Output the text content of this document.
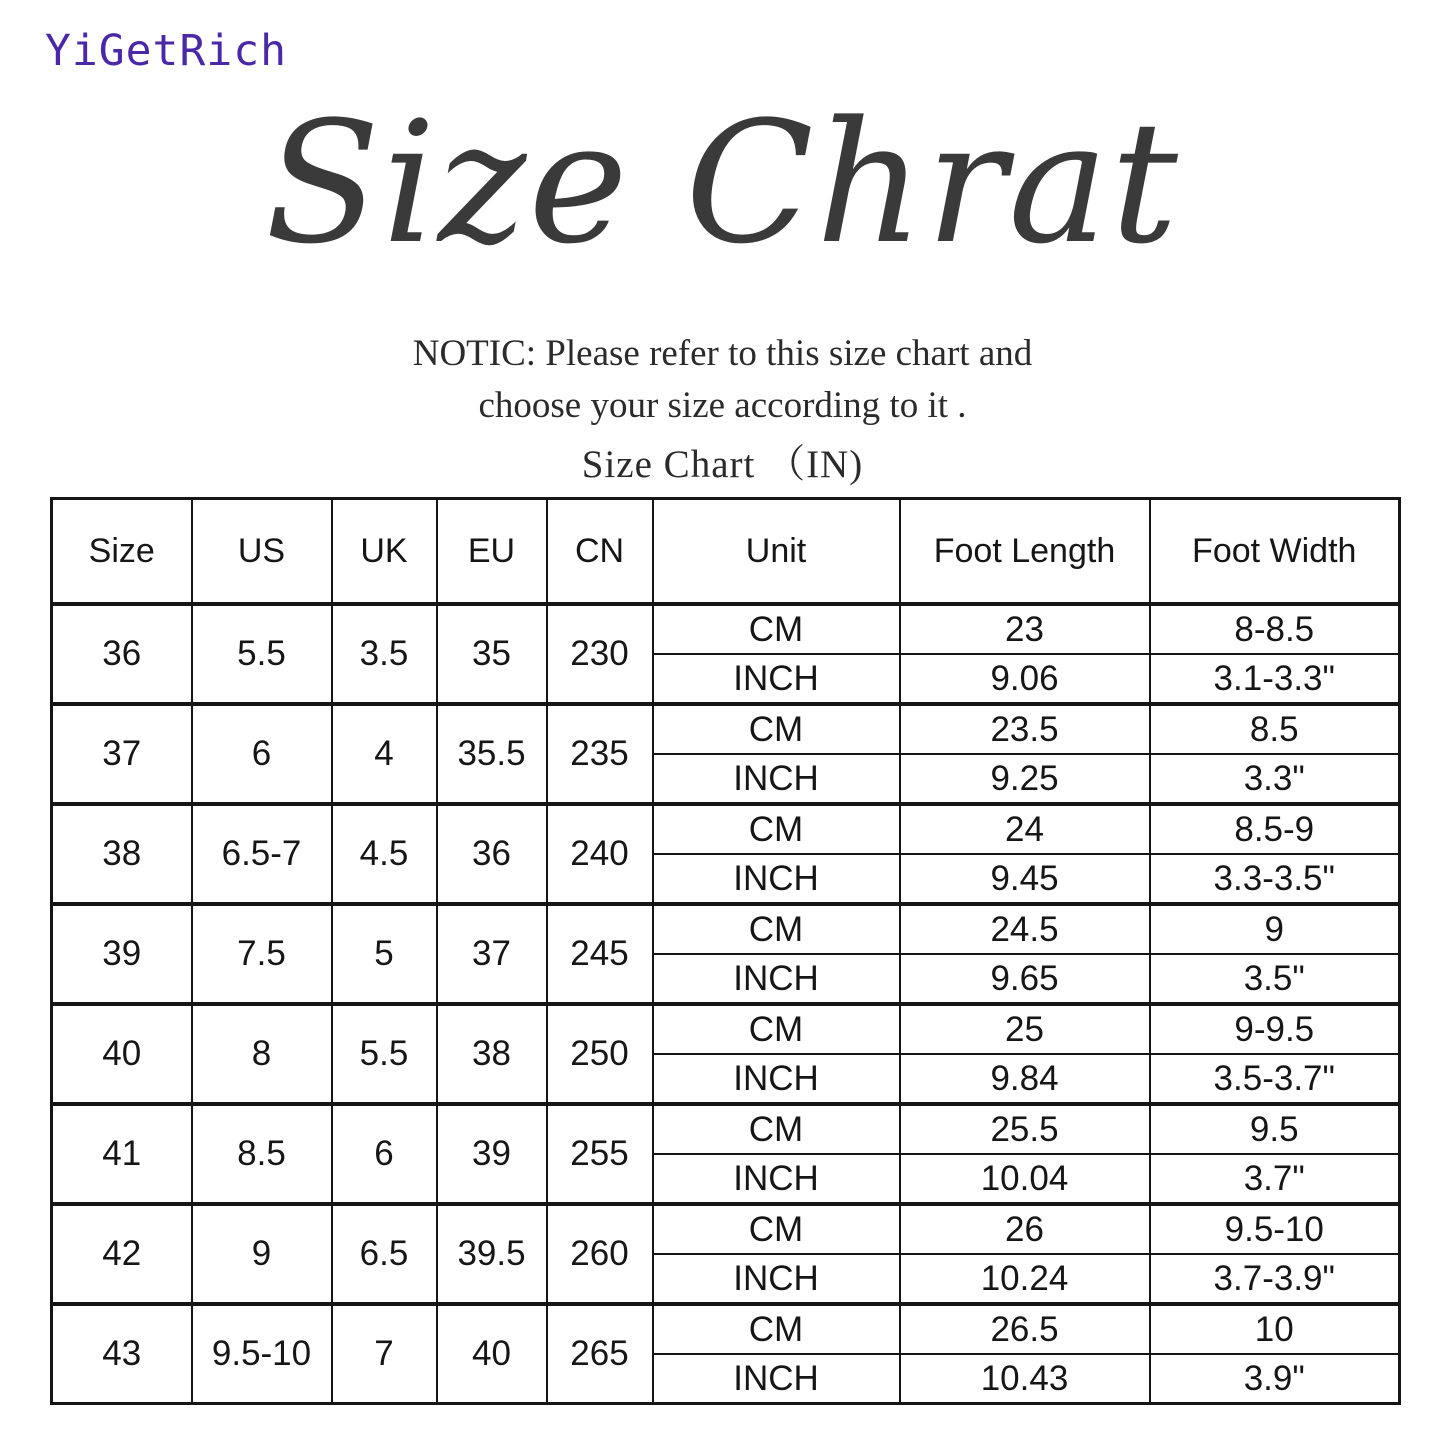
YiGetRich
Size Chrat
NOTIC: Please refer to this size chart and
choose your size according to it .
Size Chart （IN)
Size	US	UK	EU	CN	Unit	Foot Length	Foot Width
36	5.5	3.5	35	230	CM	23	8-8.5
					INCH	9.06	3.1-3.3"
37	6	4	35.5	235	CM	23.5	8.5
					INCH	9.25	3.3"
38	6.5-7	4.5	36	240	CM	24	8.5-9
					INCH	9.45	3.3-3.5"
39	7.5	5	37	245	CM	24.5	9
					INCH	9.65	3.5"
40	8	5.5	38	250	CM	25	9-9.5
					INCH	9.84	3.5-3.7"
41	8.5	6	39	255	CM	25.5	9.5
					INCH	10.04	3.7"
42	9	6.5	39.5	260	CM	26	9.5-10
					INCH	10.24	3.7-3.9"
43	9.5-10	7	40	265	CM	26.5	10
					INCH	10.43	3.9"
